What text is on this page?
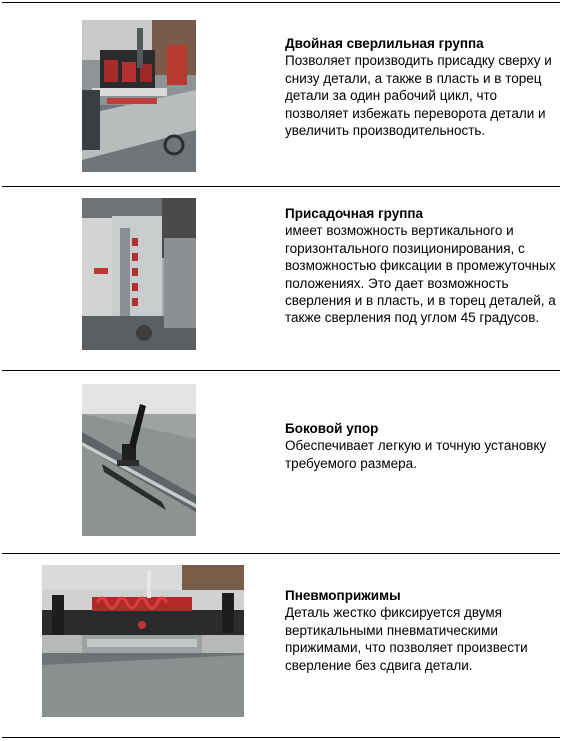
Двойная сверлильная группа
Позволяет производить присадку сверху и снизу детали, а также в пласть и в торец детали за один рабочий цикл, что позволяет избежать переворота детали и увеличить производительность.
Присадочная группа
имеет возможность вертикального и горизонтального позиционирования, с возможностью фиксации в промежуточных положениях. Это дает возможность сверления и в пласть, и в торец деталей, а также сверления под углом 45 градусов.
Боковой упор
Обеспечивает легкую и точную установку требуемого размера.
Пневмоприжимы
Деталь жестко фиксируется двумя вертикальными пневматическими прижимами, что позволяет произвести сверление без сдвига детали.
